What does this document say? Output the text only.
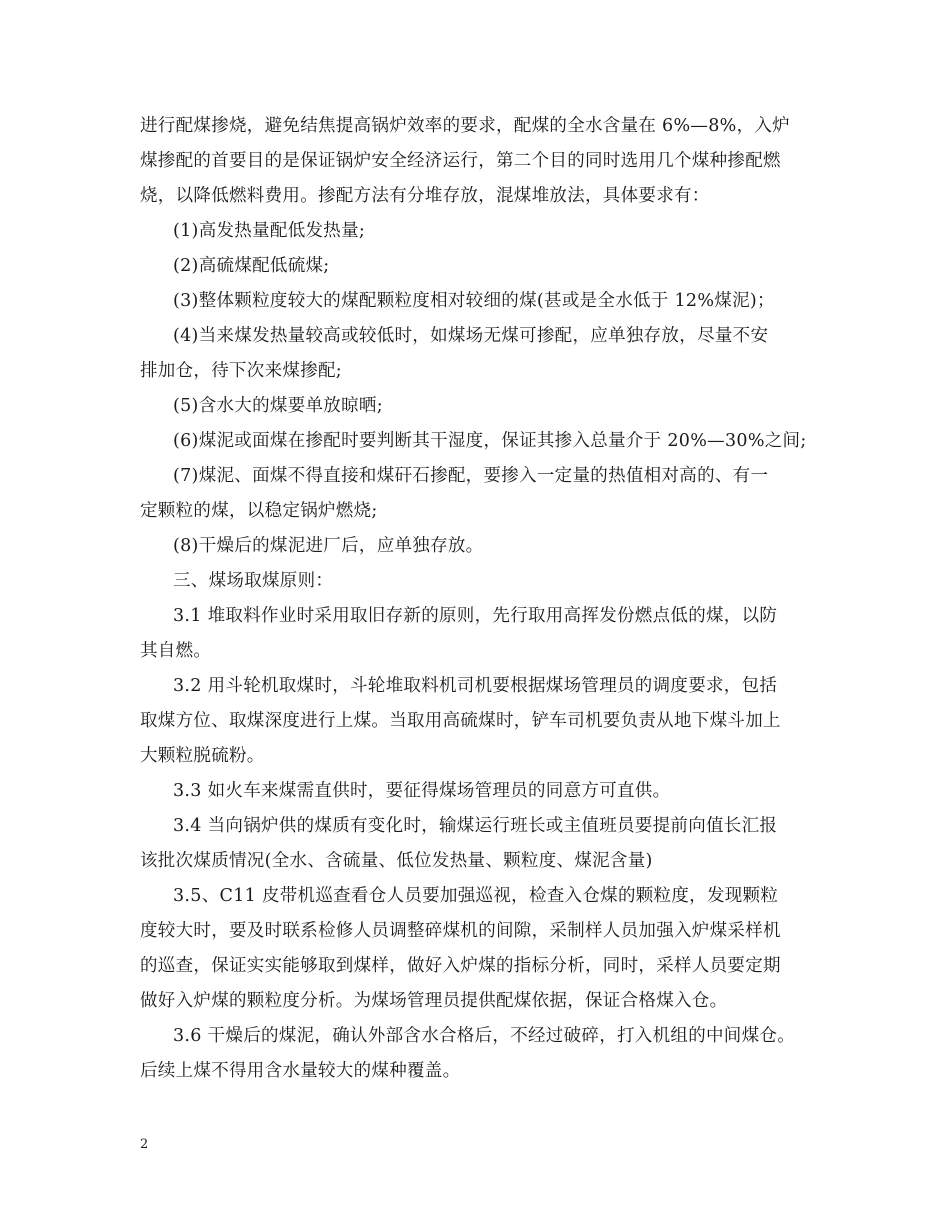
进行配煤掺烧，避免结焦提高锅炉效率的要求，配煤的全水含量在 6%—8%，入炉
煤掺配的首要目的是保证锅炉安全经济运行，第二个目的同时选用几个煤种掺配燃
烧，以降低燃料费用。掺配方法有分堆存放，混煤堆放法，具体要求有：
(1)高发热量配低发热量;
(2)高硫煤配低硫煤;
(3)整体颗粒度较大的煤配颗粒度相对较细的煤(甚或是全水低于 12%煤泥)；
(4)当来煤发热量较高或较低时，如煤场无煤可掺配，应单独存放，尽量不安
排加仓，待下次来煤掺配;
(5)含水大的煤要单放晾晒;
(6)煤泥或面煤在掺配时要判断其干湿度，保证其掺入总量介于 20%—30%之间;
(7)煤泥、面煤不得直接和煤矸石掺配，要掺入一定量的热值相对高的、有一
定颗粒的煤，以稳定锅炉燃烧;
(8)干燥后的煤泥进厂后，应单独存放。
三、煤场取煤原则：
3.1 堆取料作业时采用取旧存新的原则，先行取用高挥发份燃点低的煤，以防
其自燃。
3.2 用斗轮机取煤时，斗轮堆取料机司机要根据煤场管理员的调度要求，包括
取煤方位、取煤深度进行上煤。当取用高硫煤时，铲车司机要负责从地下煤斗加上
大颗粒脱硫粉。
3.3 如火车来煤需直供时，要征得煤场管理员的同意方可直供。
3.4 当向锅炉供的煤质有变化时，输煤运行班长或主值班员要提前向值长汇报
该批次煤质情况(全水、含硫量、低位发热量、颗粒度、煤泥含量)
3.5、C11 皮带机巡查看仓人员要加强巡视，检查入仓煤的颗粒度，发现颗粒
度较大时，要及时联系检修人员调整碎煤机的间隙，采制样人员加强入炉煤采样机
的巡查，保证实实能够取到煤样，做好入炉煤的指标分析，同时，采样人员要定期
做好入炉煤的颗粒度分析。为煤场管理员提供配煤依据，保证合格煤入仓。
3.6 干燥后的煤泥，确认外部含水合格后，不经过破碎，打入机组的中间煤仓。
后续上煤不得用含水量较大的煤种覆盖。
2
